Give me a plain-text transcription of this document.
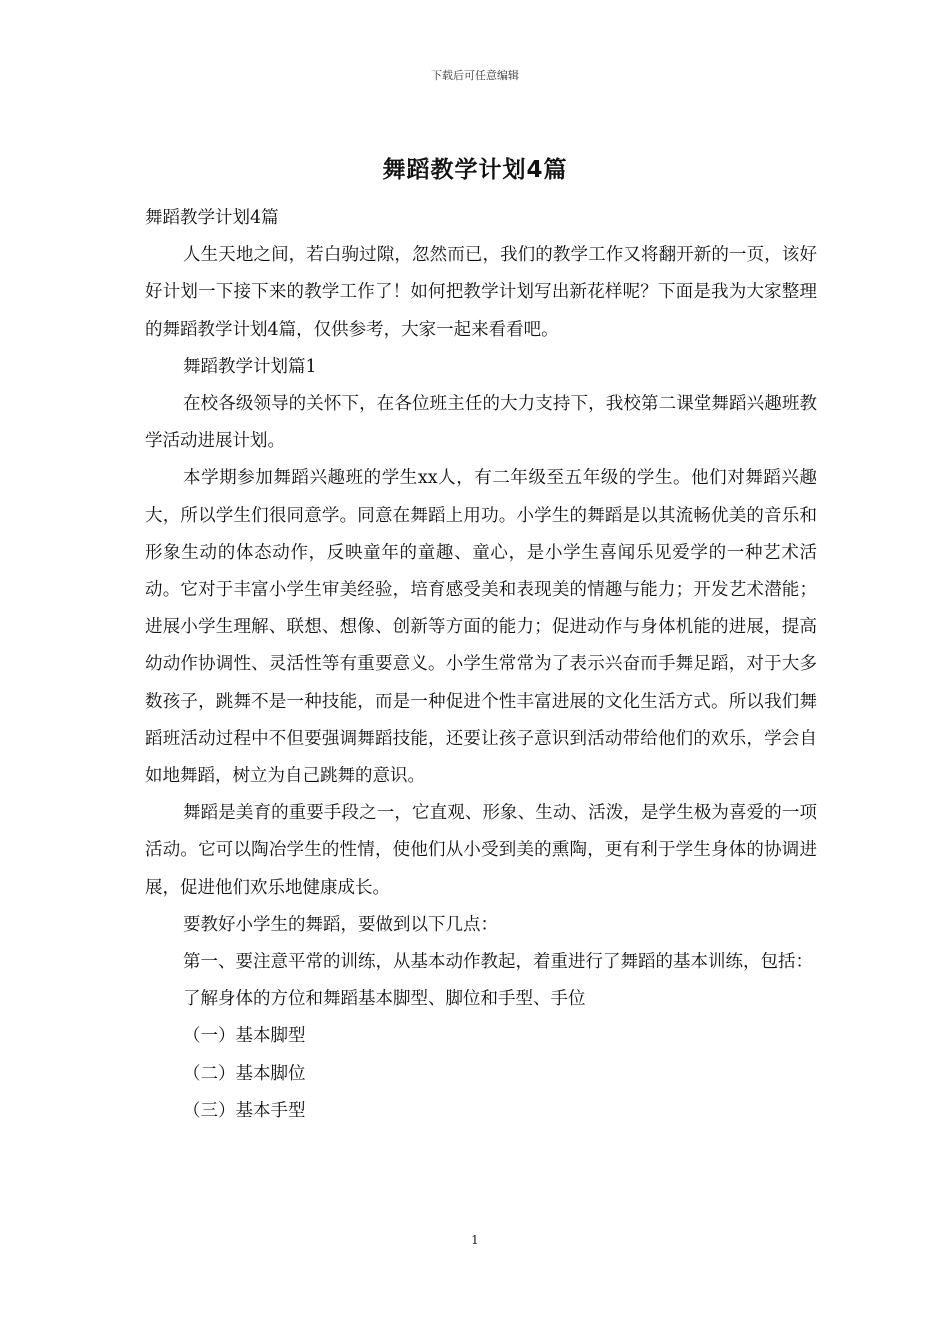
下载后可任意编辑
舞蹈教学计划4篇

舞蹈教学计划4篇

人生天地之间，若白驹过隙，忽然而已，我们的教学工作又将翻开新的一页，该好好计划一下接下来的教学工作了！如何把教学计划写出新花样呢？下面是我为大家整理的舞蹈教学计划4篇，仅供参考，大家一起来看看吧。

舞蹈教学计划篇1

在校各级领导的关怀下，在各位班主任的大力支持下，我校第二课堂舞蹈兴趣班教学活动进展计划。

本学期参加舞蹈兴趣班的学生xx人，有二年级至五年级的学生。他们对舞蹈兴趣大，所以学生们很同意学。同意在舞蹈上用功。小学生的舞蹈是以其流畅优美的音乐和形象生动的体态动作，反映童年的童趣、童心，是小学生喜闻乐见爱学的一种艺术活动。它对于丰富小学生审美经验，培育感受美和表现美的情趣与能力；开发艺术潜能；进展小学生理解、联想、想像、创新等方面的能力；促进动作与身体机能的进展，提高幼动作协调性、灵活性等有重要意义。小学生常常为了表示兴奋而手舞足蹈，对于大多数孩子，跳舞不是一种技能，而是一种促进个性丰富进展的文化生活方式。所以我们舞蹈班活动过程中不但要强调舞蹈技能，还要让孩子意识到活动带给他们的欢乐，学会自如地舞蹈，树立为自己跳舞的意识。

舞蹈是美育的重要手段之一，它直观、形象、生动、活泼，是学生极为喜爱的一项活动。它可以陶冶学生的性情，使他们从小受到美的熏陶，更有利于学生身体的协调进展，促进他们欢乐地健康成长。

要教好小学生的舞蹈，要做到以下几点：

第一、要注意平常的训练，从基本动作教起，着重进行了舞蹈的基本训练，包括：

了解身体的方位和舞蹈基本脚型、脚位和手型、手位

（一）基本脚型

（二）基本脚位

（三）基本手型

1
